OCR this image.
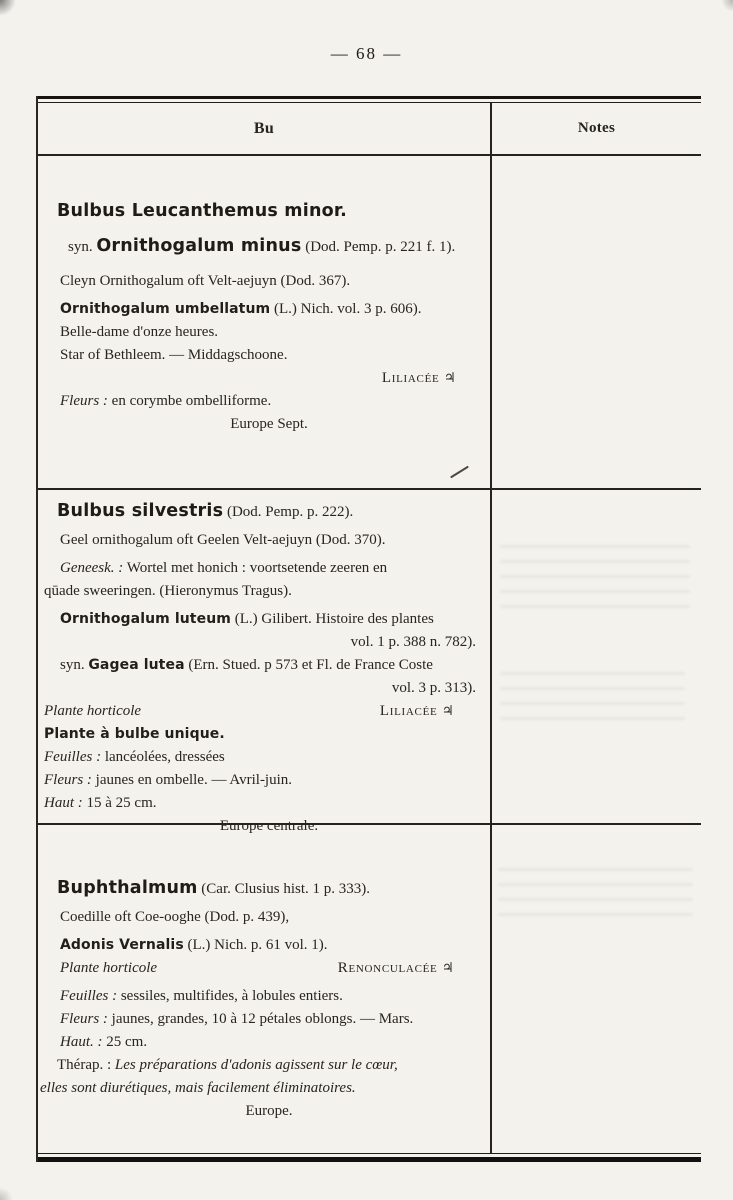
— 68 —
Bu	Notes
Bulbus Leucanthemus minor.
syn. Ornithogalum minus (Dod. Pemp. p. 221 f. 1).
Cleyn Ornithogalum oft Velt-aejuyn (Dod. 367).
Ornithogalum umbellatum (L.) Nich. vol. 3 p. 606).
Belle-dame d'onze heures.
Star of Bethleem. — Middagschoone.
Liliacée ♃
Fleurs : en corymbe ombelliforme.
Europe Sept.
Bulbus silvestris (Dod. Pemp. p. 222).
Geel ornithogalum oft Geelen Velt-aejuyn (Dod. 370).
Geneesk. : Wortel met honich : voortsetende zeeren en
qūade sweeringen. (Hieronymus Tragus).
Ornithogalum luteum (L.) Gilibert. Histoire des plantes
vol. 1 p. 388 n. 782).
syn. Gagea lutea (Ern. Stued. p 573 et Fl. de France Coste
vol. 3 p. 313).
Plante horticole	Liliacée ♃
Plante à bulbe unique.
Feuilles : lancéolées, dressées
Fleurs : jaunes en ombelle. — Avril-juin.
Haut : 15 à 25 cm.
Europe centrale.
Buphthalmum (Car. Clusius hist. 1 p. 333).
Coedille oft Coe-ooghe (Dod. p. 439),
Adonis Vernalis (L.) Nich. p. 61 vol. 1).
Plante horticole	Renonculacée ♃
Feuilles : sessiles, multifides, à lobules entiers.
Fleurs : jaunes, grandes, 10 à 12 pétales oblongs. — Mars.
Haut. : 25 cm.
Thérap. : Les préparations d'adonis agissent sur le cœur,
elles sont diurétiques, mais facilement éliminatoires.
Europe.
